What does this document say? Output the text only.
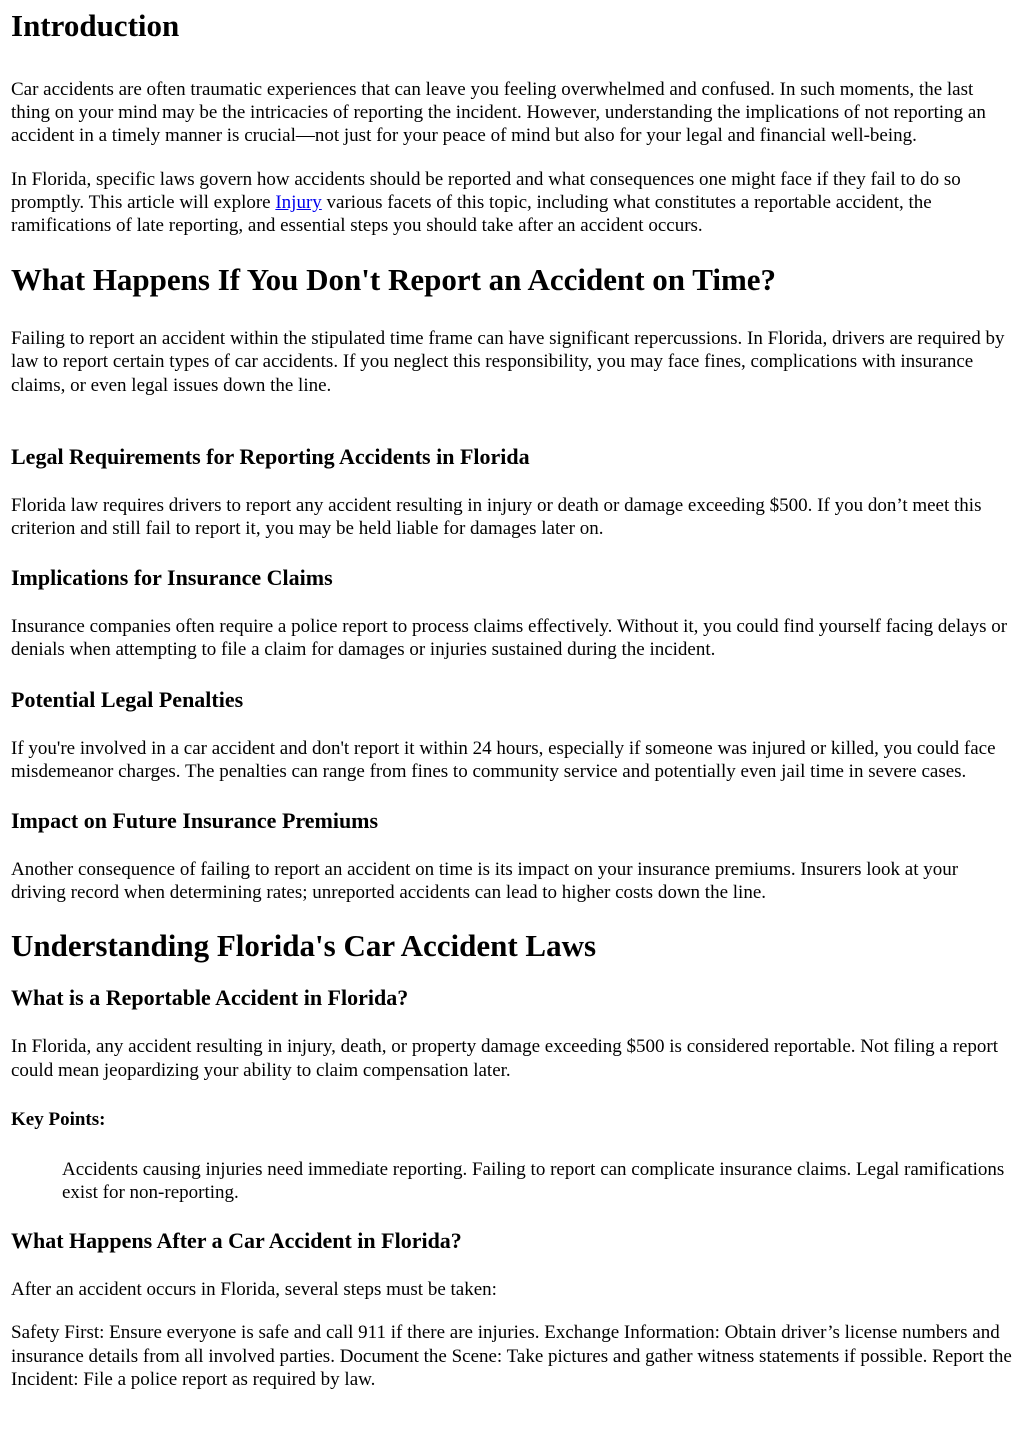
Introduction

Car accidents are often traumatic experiences that can leave you feeling overwhelmed and confused. In such moments, the last thing on your mind may be the intricacies of reporting the incident. However, understanding the implications of not reporting an accident in a timely manner is crucial—not just for your peace of mind but also for your legal and financial well-being.

In Florida, specific laws govern how accidents should be reported and what consequences one might face if they fail to do so promptly. This article will explore Injury various facets of this topic, including what constitutes a reportable accident, the ramifications of late reporting, and essential steps you should take after an accident occurs.

What Happens If You Don't Report an Accident on Time?

Failing to report an accident within the stipulated time frame can have significant repercussions. In Florida, drivers are required by law to report certain types of car accidents. If you neglect this responsibility, you may face fines, complications with insurance claims, or even legal issues down the line.

Legal Requirements for Reporting Accidents in Florida

Florida law requires drivers to report any accident resulting in injury or death or damage exceeding $500. If you don’t meet this criterion and still fail to report it, you may be held liable for damages later on.

Implications for Insurance Claims

Insurance companies often require a police report to process claims effectively. Without it, you could find yourself facing delays or denials when attempting to file a claim for damages or injuries sustained during the incident.

Potential Legal Penalties

If you're involved in a car accident and don't report it within 24 hours, especially if someone was injured or killed, you could face misdemeanor charges. The penalties can range from fines to community service and potentially even jail time in severe cases.

Impact on Future Insurance Premiums

Another consequence of failing to report an accident on time is its impact on your insurance premiums. Insurers look at your driving record when determining rates; unreported accidents can lead to higher costs down the line.

Understanding Florida's Car Accident Laws
What is a Reportable Accident in Florida?

In Florida, any accident resulting in injury, death, or property damage exceeding $500 is considered reportable. Not filing a report could mean jeopardizing your ability to claim compensation later.

Key Points:
Accidents causing injuries need immediate reporting. Failing to report can complicate insurance claims. Legal ramifications exist for non-reporting.
What Happens After a Car Accident in Florida?

After an accident occurs in Florida, several steps must be taken:

Safety First: Ensure everyone is safe and call 911 if there are injuries. Exchange Information: Obtain driver’s license numbers and insurance details from all involved parties. Document the Scene: Take pictures and gather witness statements if possible. Report the Incident: File a police report as required by law.
